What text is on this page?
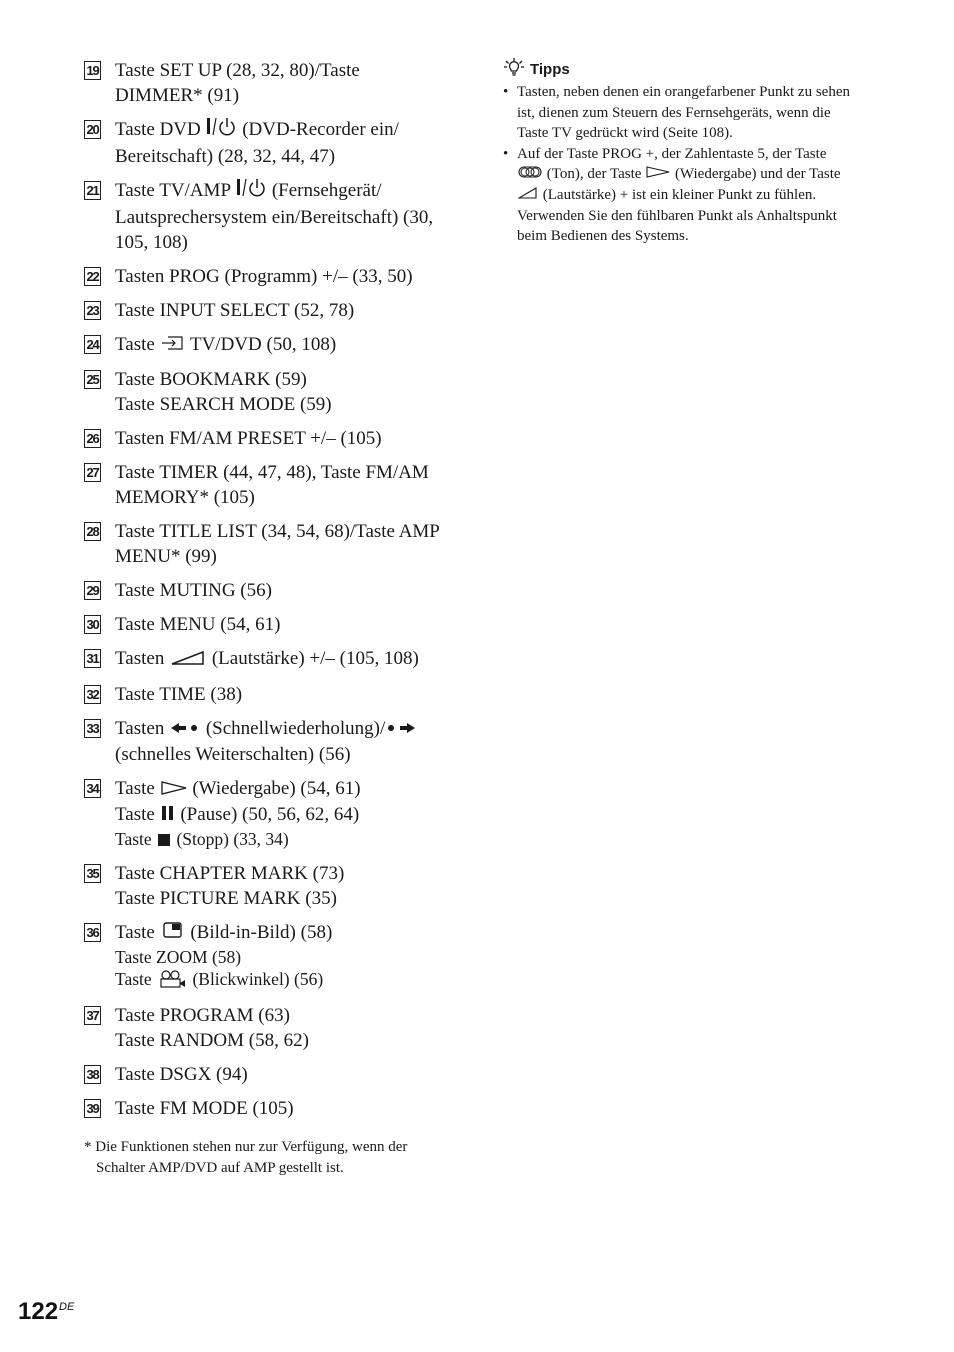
19 Taste SET UP (28, 32, 80)/Taste
DIMMER* (91)
20 Taste DVD  (DVD-Recorder ein/
Bereitschaft) (28, 32, 44, 47)
21 Taste TV/AMP  (Fernsehgerät/
Lautsprechersystem ein/Bereitschaft) (30,
105, 108)
22 Tasten PROG (Programm) +/– (33, 50)
23 Taste INPUT SELECT (52, 78)
24 Taste  TV/DVD (50, 108)
25 Taste BOOKMARK (59)
Taste SEARCH MODE (59)
26 Tasten FM/AM PRESET +/– (105)
27 Taste TIMER (44, 47, 48), Taste FM/AM
MEMORY* (105)
28 Taste TITLE LIST (34, 54, 68)/Taste AMP
MENU* (99)
29 Taste MUTING (56)
30 Taste MENU (54, 61)
31 Tasten  (Lautstärke) +/– (105, 108)
32 Taste TIME (38)
33 Tasten  (Schnellwiederholung)/
(schnelles Weiterschalten) (56)
34 Taste  (Wiedergabe) (54, 61)
Taste  (Pause) (50, 56, 62, 64)
Taste  (Stopp) (33, 34)
35 Taste CHAPTER MARK (73)
Taste PICTURE MARK (35)
36 Taste  (Bild-in-Bild) (58)
Taste ZOOM (58)
Taste  (Blickwinkel) (56)
37 Taste PROGRAM (63)
Taste RANDOM (58, 62)
38 Taste DSGX (94)
39 Taste FM MODE (105)
* Die Funktionen stehen nur zur Verfügung, wenn der
Schalter AMP/DVD auf AMP gestellt ist.
Tipps
• Tasten, neben denen ein orangefarbener Punkt zu sehen
ist, dienen zum Steuern des Fernsehgeräts, wenn die
Taste TV gedrückt wird (Seite 108).
• Auf der Taste PROG +, der Zahlentaste 5, der Taste
(Ton), der Taste  (Wiedergabe) und der Taste
(Lautstärke) + ist ein kleiner Punkt zu fühlen.
Verwenden Sie den fühlbaren Punkt als Anhaltspunkt
beim Bedienen des Systems.
122DE
